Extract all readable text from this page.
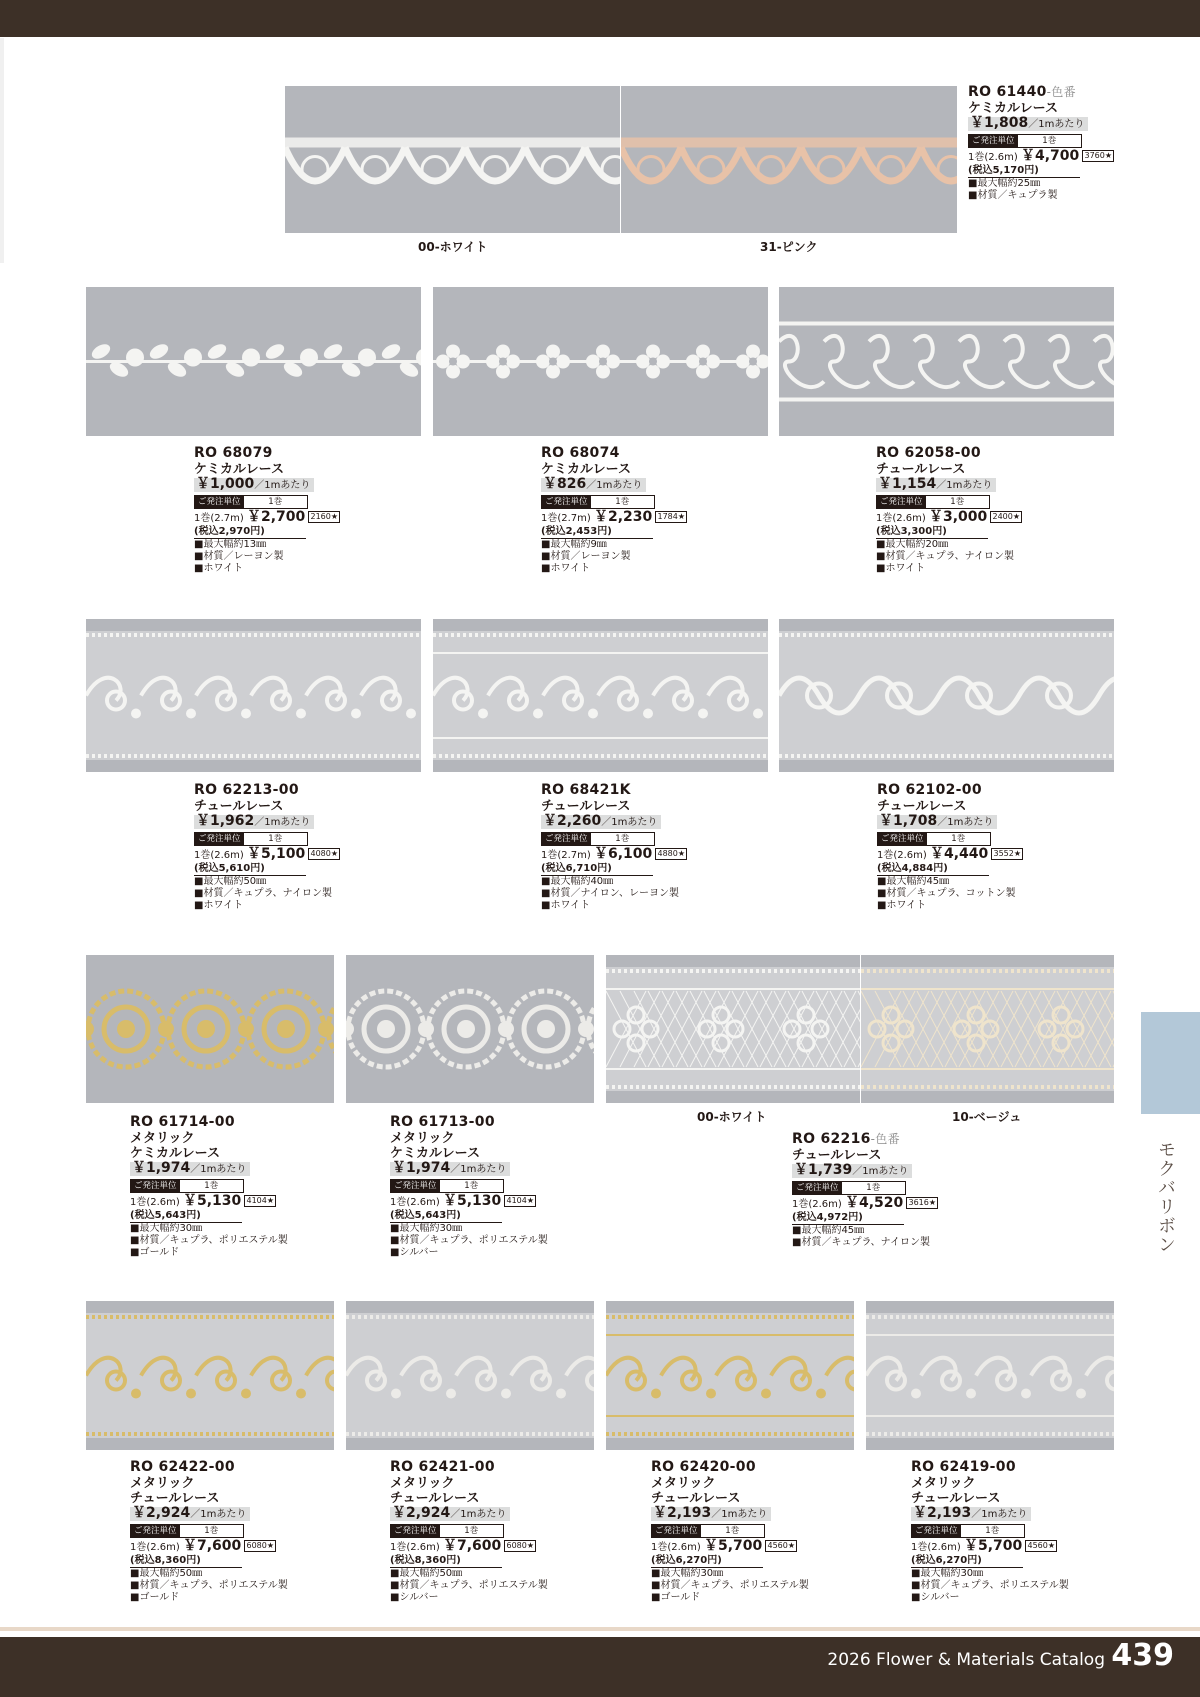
00-ホワイト	31-ピンク
RO 61440-色番
ケミカルレース
￥1,808／1mあたり
ご発注単位	1巻
1巻(2.6m) ￥4,700 3760★
(税込5,170円)
■最大幅約25㎜
■材質／キュプラ製
RO 68079
ケミカルレース
￥1,000／1mあたり
ご発注単位	1巻
1巻(2.7m) ￥2,700 2160★
(税込2,970円)
■最大幅約13㎜
■材質／レーヨン製
■ホワイト
RO 68074
ケミカルレース
￥826／1mあたり
ご発注単位	1巻
1巻(2.7m) ￥2,230 1784★
(税込2,453円)
■最大幅約9㎜
■材質／レーヨン製
■ホワイト
RO 62058-00
チュールレース
￥1,154／1mあたり
ご発注単位	1巻
1巻(2.6m) ￥3,000 2400★
(税込3,300円)
■最大幅約20㎜
■材質／キュプラ、ナイロン製
■ホワイト
RO 62213-00
チュールレース
￥1,962／1mあたり
ご発注単位	1巻
1巻(2.6m) ￥5,100 4080★
(税込5,610円)
■最大幅約50㎜
■材質／キュプラ、ナイロン製
■ホワイト
RO 68421K
チュールレース
￥2,260／1mあたり
ご発注単位	1巻
1巻(2.7m) ￥6,100 4880★
(税込6,710円)
■最大幅約40㎜
■材質／ナイロン、レーヨン製
■ホワイト
RO 62102-00
チュールレース
￥1,708／1mあたり
ご発注単位	1巻
1巻(2.6m) ￥4,440 3552★
(税込4,884円)
■最大幅約45㎜
■材質／キュプラ、コットン製
■ホワイト
00-ホワイト	10-ベージュ
RO 61714-00
メタリック
ケミカルレース
￥1,974／1mあたり
ご発注単位	1巻
1巻(2.6m) ￥5,130 4104★
(税込5,643円)
■最大幅約30㎜
■材質／キュプラ、ポリエステル製
■ゴールド
RO 61713-00
メタリック
ケミカルレース
￥1,974／1mあたり
ご発注単位	1巻
1巻(2.6m) ￥5,130 4104★
(税込5,643円)
■最大幅約30㎜
■材質／キュプラ、ポリエステル製
■シルバー
RO 62216-色番
チュールレース
￥1,739／1mあたり
ご発注単位	1巻
1巻(2.6m) ￥4,520 3616★
(税込4,972円)
■最大幅約45㎜
■材質／キュプラ、ナイロン製
RO 62422-00
メタリック
チュールレース
￥2,924／1mあたり
ご発注単位	1巻
1巻(2.6m) ￥7,600 6080★
(税込8,360円)
■最大幅約50㎜
■材質／キュプラ、ポリエステル製
■ゴールド
RO 62421-00
メタリック
チュールレース
￥2,924／1mあたり
ご発注単位	1巻
1巻(2.6m) ￥7,600 6080★
(税込8,360円)
■最大幅約50㎜
■材質／キュプラ、ポリエステル製
■シルバー
RO 62420-00
メタリック
チュールレース
￥2,193／1mあたり
ご発注単位	1巻
1巻(2.6m) ￥5,700 4560★
(税込6,270円)
■最大幅約30㎜
■材質／キュプラ、ポリエステル製
■ゴールド
RO 62419-00
メタリック
チュールレース
￥2,193／1mあたり
ご発注単位	1巻
1巻(2.6m) ￥5,700 4560★
(税込6,270円)
■最大幅約30㎜
■材質／キュプラ、ポリエステル製
■シルバー
モクバリボン
2026 Flower & Materials Catalog 439
